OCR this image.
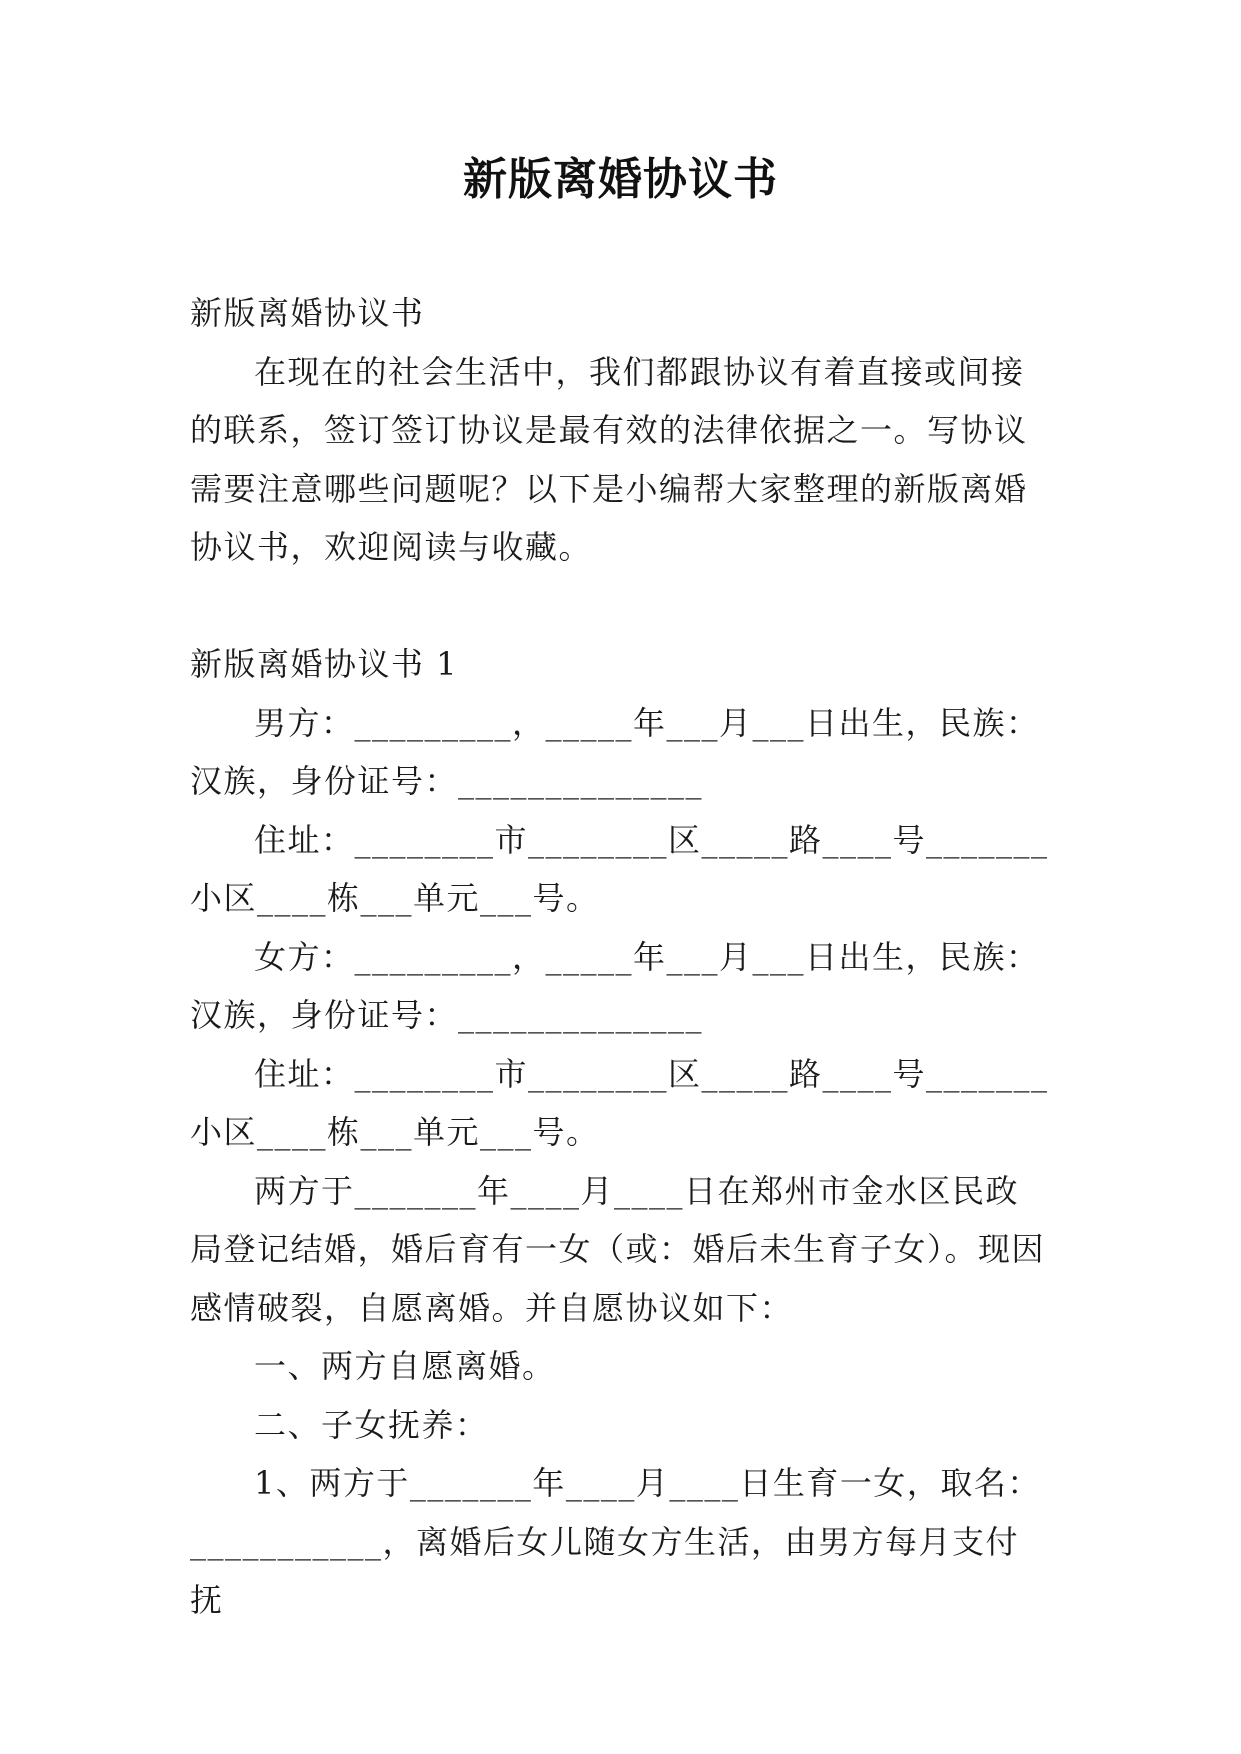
新版离婚协议书

新版离婚协议书

在现在的社会生活中，我们都跟协议有着直接或间接的联系，签订签订协议是最有效的法律依据之一。写协议需要注意哪些问题呢？以下是小编帮大家整理的新版离婚协议书，欢迎阅读与收藏。

新版离婚协议书 1

男方：_________，_____年___月___日出生，民族：汉族，身份证号：______________

住址：________市________区_____路____号_______小区____栋___单元___号。

女方：_________，_____年___月___日出生，民族：汉族，身份证号：______________

住址：________市________区_____路____号_______小区____栋___单元___号。

两方于_______年____月____日在郑州市金水区民政局登记结婚，婚后育有一女（或：婚后未生育子女）。现因感情破裂，自愿离婚。并自愿协议如下：

一、两方自愿离婚。

二、子女抚养：

1、两方于_______年____月____日生育一女，取名：___________，离婚后女儿随女方生活，由男方每月支付抚
